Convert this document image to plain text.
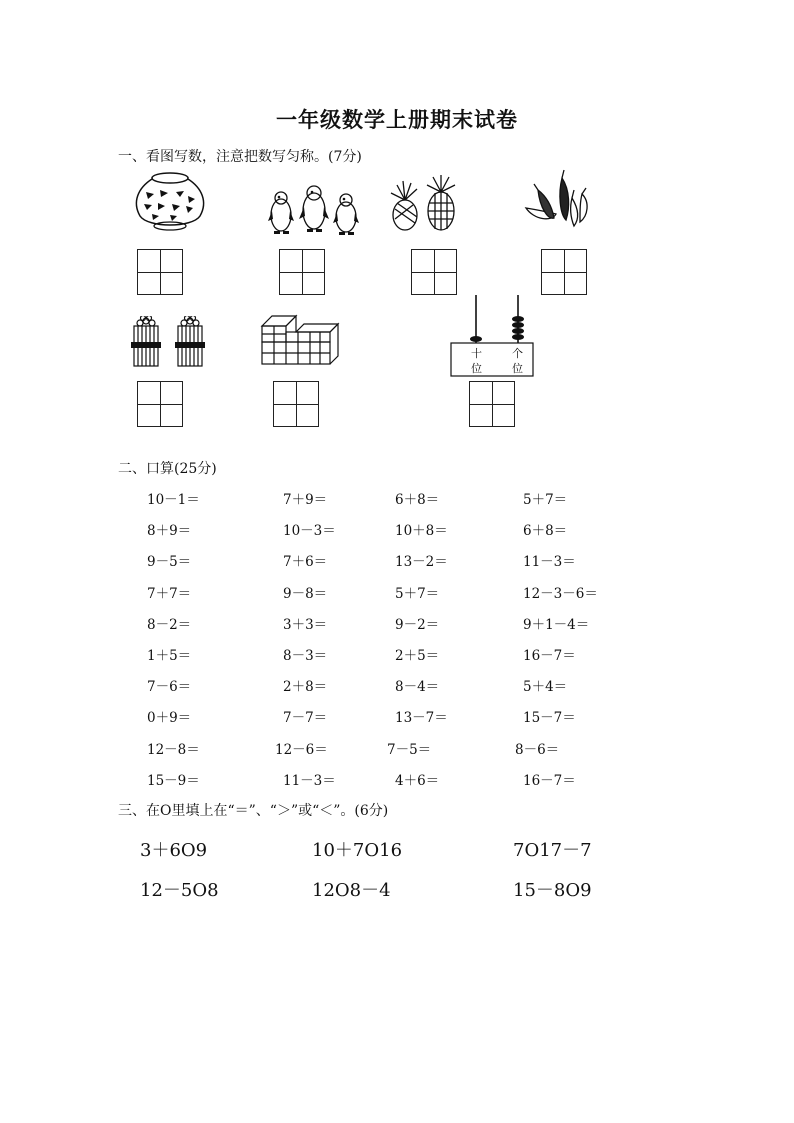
一年级数学上册期末试卷
一、看图写数，注意把数写匀称。(7分)
十
位
个
位
二、口算(25分)
10－1＝	7＋9＝	6＋8＝	5＋7＝
8＋9＝	10－3＝	10＋8＝	6＋8＝
9－5＝	7＋6＝	13－2＝	11－3＝
7＋7＝	9－8＝	5＋7＝	12－3－6＝
8－2＝	3＋3＝	9－2＝	9＋1－4＝
1＋5＝	8－3＝	2＋5＝	16－7＝
7－6＝	2＋8＝	8－4＝	5＋4＝
0＋9＝	7－7＝	13－7＝	15－7＝
12－8＝	12－6＝	7－5＝	8－6＝
15－9＝	11－3＝	4＋6＝	16－7＝
三、在O里填上在“＝”、“＞”或“＜”。(6分)
3＋6O9	10＋7O16	7O17－7
12－5O8	12O8－4	15－8O9
